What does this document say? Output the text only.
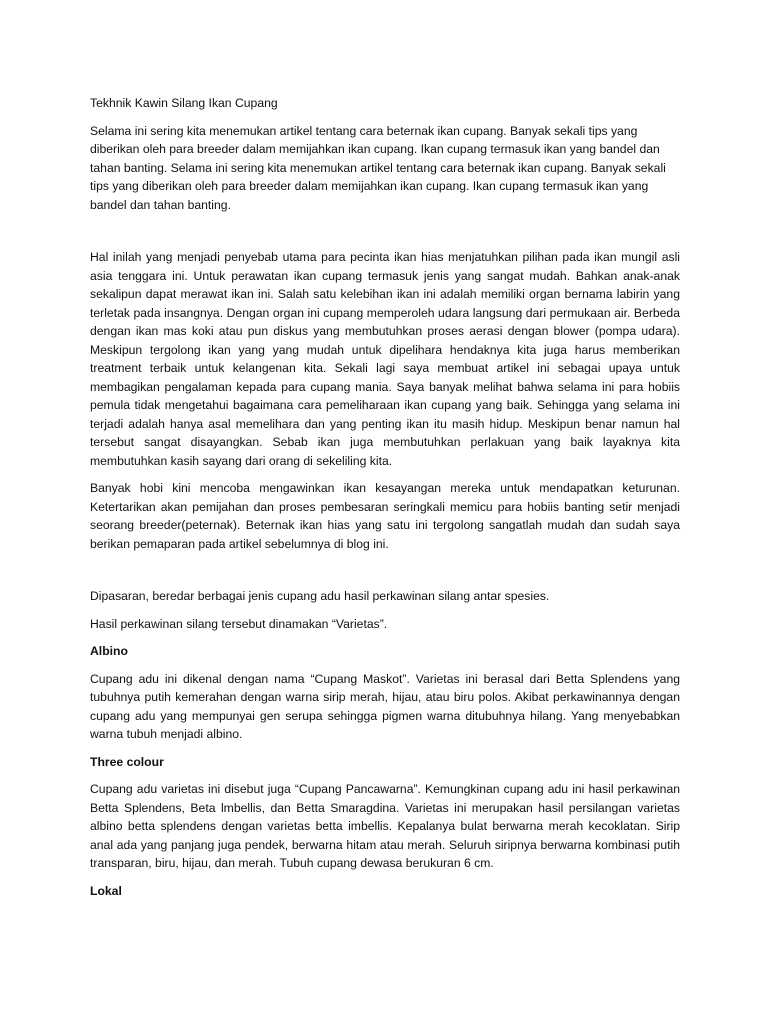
Tekhnik Kawin Silang Ikan Cupang

Selama ini sering kita menemukan artikel tentang cara beternak ikan cupang. Banyak sekali tips yang diberikan oleh para breeder dalam memijahkan ikan cupang. Ikan cupang termasuk ikan yang bandel dan tahan banting. Selama ini sering kita menemukan artikel tentang cara beternak ikan cupang. Banyak sekali tips yang diberikan oleh para breeder dalam memijahkan ikan cupang. Ikan cupang termasuk ikan yang bandel dan tahan banting.

Hal inilah yang menjadi penyebab utama para pecinta ikan hias menjatuhkan pilihan pada ikan mungil asli asia tenggara ini. Untuk perawatan ikan cupang termasuk jenis yang sangat mudah. Bahkan anak-anak sekalipun dapat merawat ikan ini. Salah satu kelebihan ikan ini adalah memiliki organ bernama labirin yang terletak pada insangnya. Dengan organ ini cupang memperoleh udara langsung dari permukaan air. Berbeda dengan ikan mas koki atau pun diskus yang membutuhkan proses aerasi dengan blower (pompa udara). Meskipun tergolong ikan yang yang mudah untuk dipelihara hendaknya kita juga harus memberikan treatment terbaik untuk kelangenan kita. Sekali lagi saya membuat artikel ini sebagai upaya untuk membagikan pengalaman kepada para cupang mania. Saya banyak melihat bahwa selama ini para hobiis pemula tidak mengetahui bagaimana cara pemeliharaan ikan cupang yang baik. Sehingga yang selama ini terjadi adalah hanya asal memelihara dan yang penting ikan itu masih hidup. Meskipun benar namun hal tersebut sangat disayangkan. Sebab ikan juga membutuhkan perlakuan yang baik layaknya kita membutuhkan kasih sayang dari orang di sekeliling kita.

Banyak hobi kini mencoba mengawinkan ikan kesayangan mereka untuk mendapatkan keturunan. Ketertarikan akan pemijahan dan proses pembesaran seringkali memicu para hobiis banting setir menjadi seorang breeder(peternak). Beternak ikan hias yang satu ini tergolong sangatlah mudah dan sudah saya berikan pemaparan pada artikel sebelumnya di blog ini.

Dipasaran, beredar berbagai jenis cupang adu hasil perkawinan silang antar spesies.

Hasil perkawinan silang tersebut dinamakan “Varietas”.

Albino

Cupang adu ini dikenal dengan nama “Cupang Maskot”. Varietas ini berasal dari Betta Splendens yang tubuhnya putih kemerahan dengan warna sirip merah, hijau, atau biru polos. Akibat perkawinannya dengan cupang adu yang mempunyai gen serupa sehingga pigmen warna ditubuhnya hilang. Yang menyebabkan warna tubuh menjadi albino.

Three colour

Cupang adu varietas ini disebut juga “Cupang Pancawarna”. Kemungkinan cupang adu ini hasil perkawinan Betta Splendens, Beta lmbellis, dan Betta Smaragdina. Varietas ini merupakan hasil persilangan varietas albino betta splendens dengan varietas betta imbellis. Kepalanya bulat berwarna merah kecoklatan. Sirip anal ada yang panjang juga pendek, berwarna hitam atau merah. Seluruh siripnya berwarna kombinasi putih transparan, biru, hijau, dan merah. Tubuh cupang dewasa berukuran 6 cm.

Lokal
